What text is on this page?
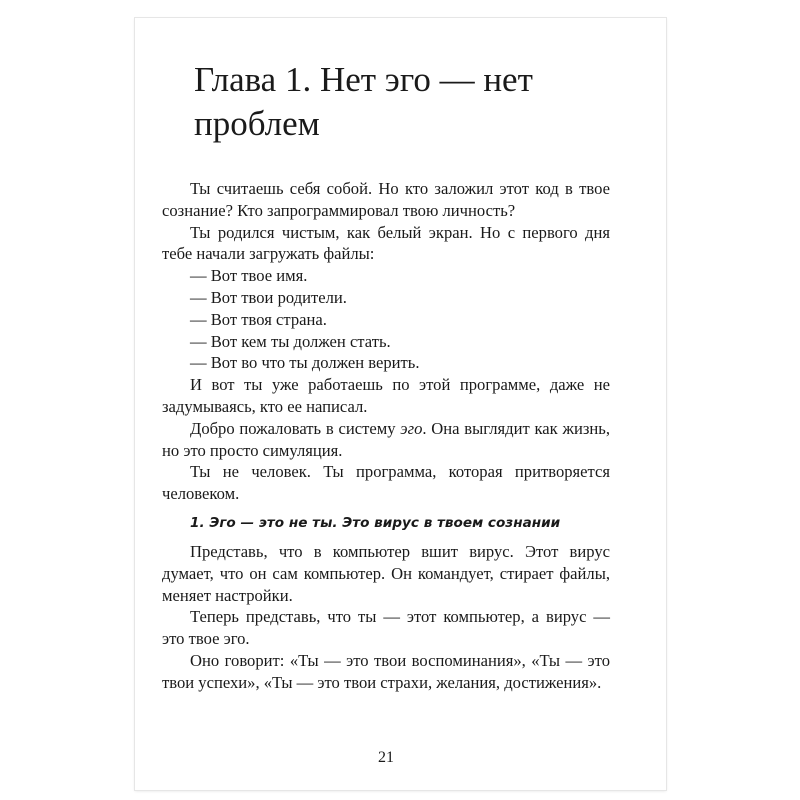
Глава 1. Нет эго — нет проблем

Ты считаешь себя собой. Но кто заложил этот код в твое сознание? Кто запрограммировал твою личность?

Ты родился чистым, как белый экран. Но с первого дня тебе начали загружать файлы:

— Вот твое имя.

— Вот твои родители.

— Вот твоя страна.

— Вот кем ты должен стать.

— Вот во что ты должен верить.

И вот ты уже работаешь по этой программе, даже не задумываясь, кто ее написал.

Добро пожаловать в систему эго. Она выглядит как жизнь, но это просто симуляция.

Ты не человек. Ты программа, которая притворяется человеком.

1. Эго — это не ты. Это вирус в твоем сознании

Представь, что в компьютер вшит вирус. Этот вирус думает, что он сам компьютер. Он командует, стирает файлы, меняет настройки.

Теперь представь, что ты — этот компьютер, а вирус — это твое эго.

Оно говорит: «Ты — это твои воспоминания», «Ты — это твои успехи», «Ты — это твои страхи, желания, достижения».

21
